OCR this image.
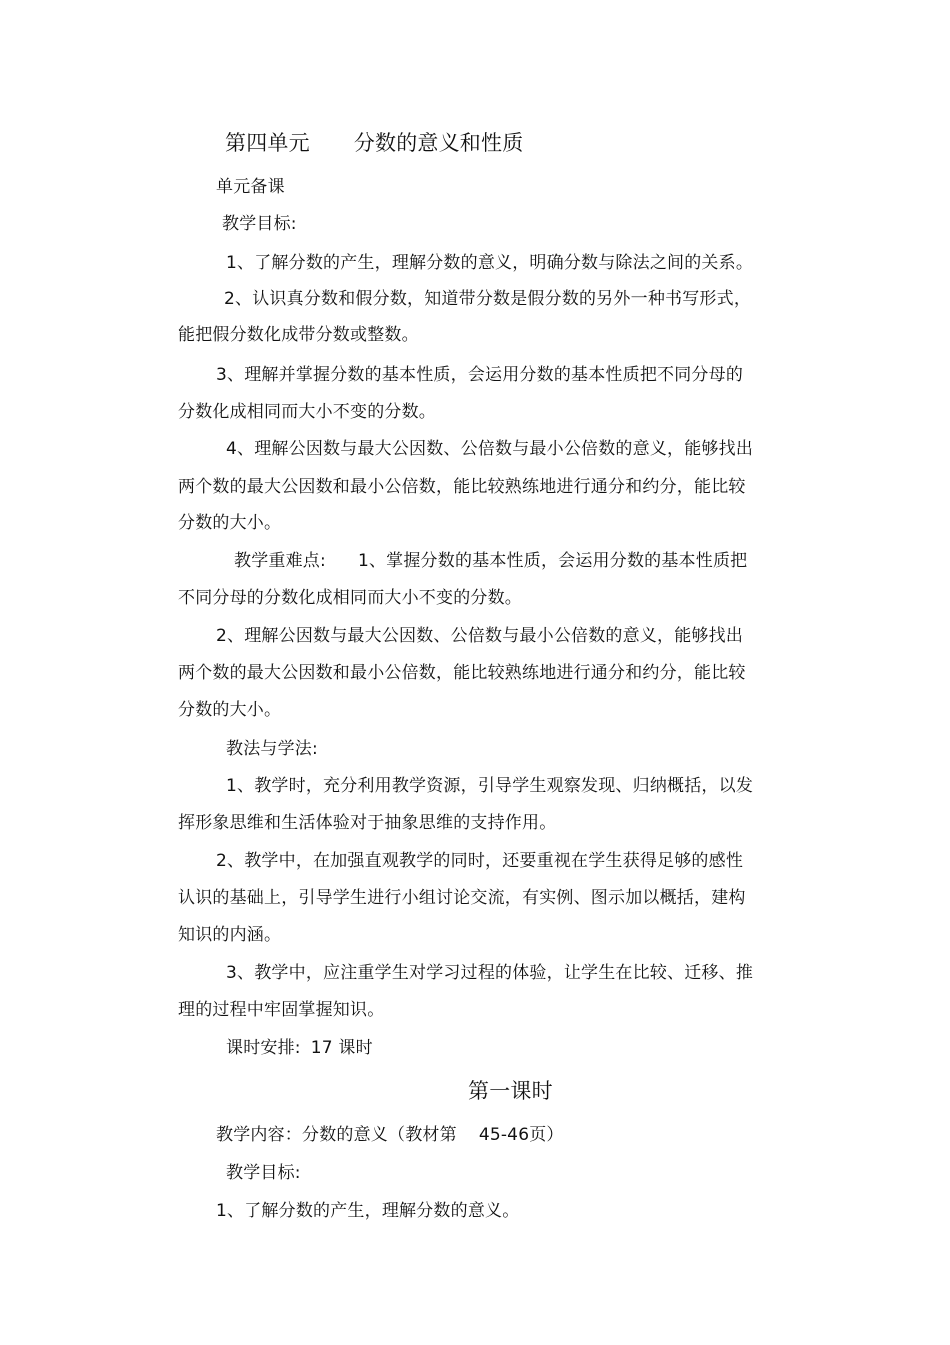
第四单元 分数的意义和性质
单元备课
教学目标:
1、了解分数的产生，理解分数的意义，明确分数与除法之间的关系。
2、认识真分数和假分数，知道带分数是假分数的另外一种书写形式，
能把假分数化成带分数或整数。
3、理解并掌握分数的基本性质，会运用分数的基本性质把不同分母的
分数化成相同而大小不变的分数。
4、理解公因数与最大公因数、公倍数与最小公倍数的意义，能够找出
两个数的最大公因数和最小公倍数，能比较熟练地进行通分和约分，能比较
分数的大小。
教学重难点: 1、掌握分数的基本性质，会运用分数的基本性质把
不同分母的分数化成相同而大小不变的分数。
2、理解公因数与最大公因数、公倍数与最小公倍数的意义，能够找出
两个数的最大公因数和最小公倍数，能比较熟练地进行通分和约分，能比较
分数的大小。
教法与学法:
1、教学时，充分利用教学资源，引导学生观察发现、归纳概括，以发
挥形象思维和生活体验对于抽象思维的支持作用。
2、教学中，在加强直观教学的同时，还要重视在学生获得足够的感性
认识的基础上，引导学生进行小组讨论交流，有实例、图示加以概括，建构
知识的内涵。
3、教学中，应注重学生对学习过程的体验，让学生在比较、迁移、推
理的过程中牢固掌握知识。
课时安排: 17 课时
第一课时
教学内容：分数的意义（教材第 45-46页）
教学目标:
1、了解分数的产生，理解分数的意义。
